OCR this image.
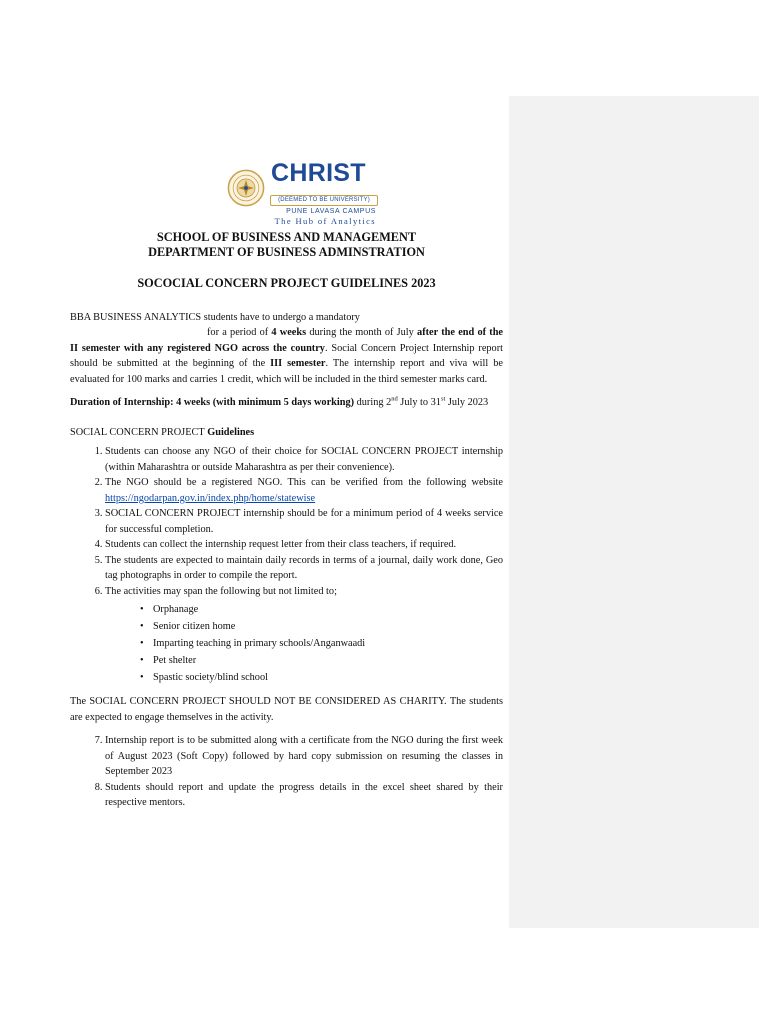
CHRIST
(DEEMED TO BE UNIVERSITY)
PUNE LAVASA CAMPUS
The Hub of Analytics
SCHOOL OF BUSINESS AND MANAGEMENT
DEPARTMENT OF BUSINESS ADMINSTRATION
SOCOCIAL CONCERN PROJECT GUIDELINES 2023

BBA BUSINESS ANALYTICS students have to undergo a mandatory
for a period of 4 weeks during the month of July after the end of the II semester with any registered NGO across the country. Social Concern Project Internship report should be submitted at the beginning of the III semester. The internship report and viva will be evaluated for 100 marks and carries 1 credit, which will be included in the third semester marks card.

Duration of Internship: 4 weeks (with minimum 5 days working) during 2nd July to 31st July 2023

SOCIAL CONCERN PROJECT Guidelines
1. Students can choose any NGO of their choice for SOCIAL CONCERN PROJECT internship (within Maharashtra or outside Maharashtra as per their convenience).
2. The NGO should be a registered NGO. This can be verified from the following website https://ngodarpan.gov.in/index.php/home/statewise
3. SOCIAL CONCERN PROJECT internship should be for a minimum period of 4 weeks service for successful completion.
4. Students can collect the internship request letter from their class teachers, if required.
5. The students are expected to maintain daily records in terms of a journal, daily work done, Geo tag photographs in order to compile the report.
6. The activities may span the following but not limited to;
• Orphanage
• Senior citizen home
• Imparting teaching in primary schools/Anganwaadi
• Pet shelter
• Spastic society/blind school

The SOCIAL CONCERN PROJECT SHOULD NOT BE CONSIDERED AS CHARITY. The students are expected to engage themselves in the activity.

7. Internship report is to be submitted along with a certificate from the NGO during the first week of August 2023 (Soft Copy) followed by hard copy submission on resuming the classes in September 2023
8. Students should report and update the progress details in the excel sheet shared by their respective mentors.
